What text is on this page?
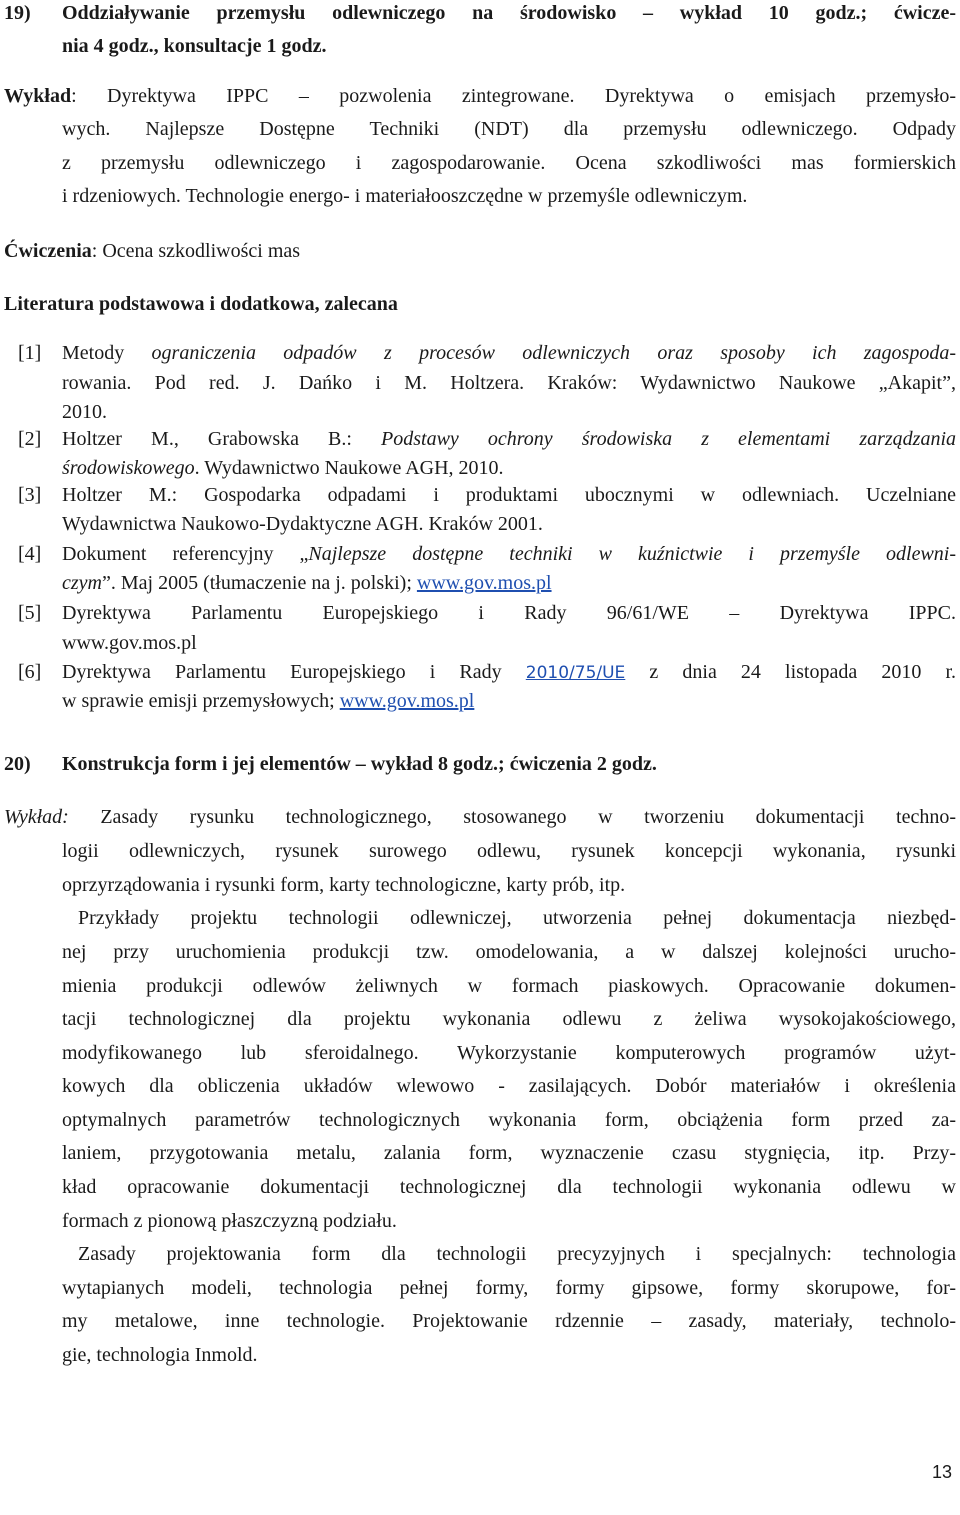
19) Oddziaływanie przemysłu odlewniczego na środowisko – wykład 10 godz.; ćwicze-
nia 4 godz., konsultacje 1 godz.
Wykład: Dyrektywa IPPC – pozwolenia zintegrowane. Dyrektywa o emisjach przemysło-
wych. Najlepsze Dostępne Techniki (NDT) dla przemysłu odlewniczego. Odpady
z przemysłu odlewniczego i zagospodarowanie. Ocena szkodliwości mas formierskich
i rdzeniowych. Technologie energo- i materiałooszczędne w przemyśle odlewniczym.
Ćwiczenia: Ocena szkodliwości mas
Literatura podstawowa i dodatkowa, zalecana
[1] Metody ograniczenia odpadów z procesów odlewniczych oraz sposoby ich zagospoda-
rowania. Pod red. J. Dańko i M. Holtzera. Kraków: Wydawnictwo Naukowe „Akapit”,
2010.
[2] Holtzer M., Grabowska B.: Podstawy ochrony środowiska z elementami zarządzania
środowiskowego. Wydawnictwo Naukowe AGH, 2010.
[3] Holtzer M.: Gospodarka odpadami i produktami ubocznymi w odlewniach. Uczelniane
Wydawnictwa Naukowo-Dydaktyczne AGH. Kraków 2001.
[4] Dokument referencyjny „Najlepsze dostępne techniki w kuźnictwie i przemyśle odlewni-
czym”. Maj 2005 (tłumaczenie na j. polski); www.gov.mos.pl
[5] Dyrektywa Parlamentu Europejskiego i Rady 96/61/WE – Dyrektywa IPPC.
www.gov.mos.pl
[6] Dyrektywa Parlamentu Europejskiego i Rady 2010/75/UE z dnia 24 listopada 2010 r.
w sprawie emisji przemysłowych; www.gov.mos.pl
20) Konstrukcja form i jej elementów – wykład 8 godz.; ćwiczenia 2 godz.
Wykład: Zasady rysunku technologicznego, stosowanego w tworzeniu dokumentacji techno-
logii odlewniczych, rysunek surowego odlewu, rysunek koncepcji wykonania, rysunki
oprzyrządowania i rysunki form, karty technologiczne, karty prób, itp.
Przykłady projektu technologii odlewniczej, utworzenia pełnej dokumentacja niezbęd-
nej przy uruchomienia produkcji tzw. omodelowania, a w dalszej kolejności urucho-
mienia produkcji odlewów żeliwnych w formach piaskowych. Opracowanie dokumen-
tacji technologicznej dla projektu wykonania odlewu z żeliwa wysokojakościowego,
modyfikowanego lub sferoidalnego. Wykorzystanie komputerowych programów użyt-
kowych dla obliczenia układów wlewowo - zasilających. Dobór materiałów i określenia
optymalnych parametrów technologicznych wykonania form, obciążenia form przed za-
laniem, przygotowania metalu, zalania form, wyznaczenie czasu stygnięcia, itp. Przy-
kład opracowanie dokumentacji technologicznej dla technologii wykonania odlewu w
formach z pionową płaszczyzną podziału.
Zasady projektowania form dla technologii precyzyjnych i specjalnych: technologia
wytapianych modeli, technologia pełnej formy, formy gipsowe, formy skorupowe, for-
my metalowe, inne technologie. Projektowanie rdzennie – zasady, materiały, technolo-
gie, technologia Inmold.
13
